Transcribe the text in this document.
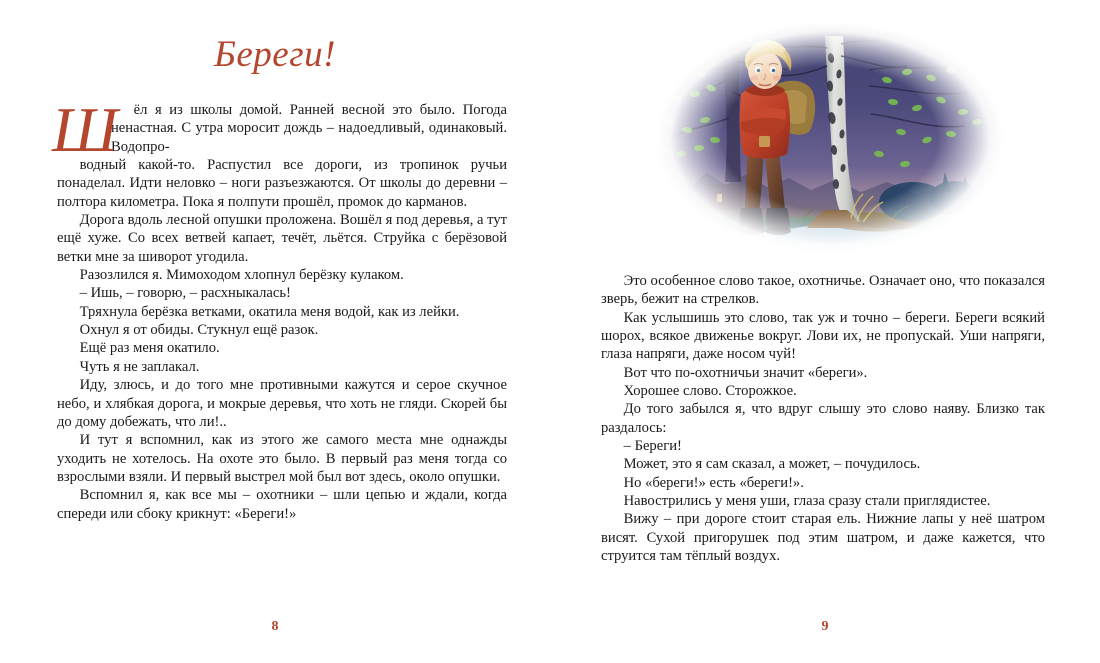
Береги!
Ш	ёл я из школы домой. Ранней весной это было. Погода ненастная. С утра моросит дождь – надоедливый, одинаковый. Водопро-
водный какой-то. Распустил все дороги, из тропинок ручьи понаделал. Идти неловко – ноги разъезжаются. От школы до деревни – полтора километра. Пока я полпути прошёл, промок до карманов.

Дорога вдоль лесной опушки проложена. Вошёл я под деревья, а тут ещё хуже. Со всех ветвей капает, течёт, льётся. Струйка с берёзовой ветки мне за шиворот угодила.

Разозлился я. Мимоходом хлопнул берёзку кулаком.

– Ишь, – говорю, – расхныкалась!

Тряхнула берёзка ветками, окатила меня водой, как из лейки.

Охнул я от обиды. Стукнул ещё разок.

Ещё раз меня окатило.

Чуть я не заплакал.

Иду, злюсь, и до того мне противными кажутся и серое скучное небо, и хлябкая дорога, и мокрые деревья, что хоть не гляди. Скорей бы до дому добежать, что ли!..

И тут я вспомнил, как из этого же самого места мне однажды уходить не хотелось. На охоте это было. В первый раз меня тогда со взрослыми взяли. И первый выстрел мой был вот здесь, около опушки.

Вспомнил я, как все мы – охотники – шли цепью и ждали, когда спереди или сбоку крикнут: «Береги!»

8

Это особенное слово такое, охотничье. Означает оно, что показался зверь, бежит на стрелков.

Как услышишь это слово, так уж и точно – береги. Береги всякий шорох, всякое движенье вокруг. Лови их, не пропускай. Уши напряги, глаза напряги, даже носом чуй!

Вот что по-охотничьи значит «береги».

Хорошее слово. Сторожкое.

До того забылся я, что вдруг слышу это слово наяву. Близко так раздалось:

– Береги!

Может, это я сам сказал, а может, – почудилось.

Но «береги!» есть «береги!».

Навострились у меня уши, глаза сразу стали приглядистее.

Вижу – при дороге стоит старая ель. Нижние лапы у неё шатром висят. Сухой пригорушек под этим шатром, и даже кажется, что струится там тёплый воздух.

9
